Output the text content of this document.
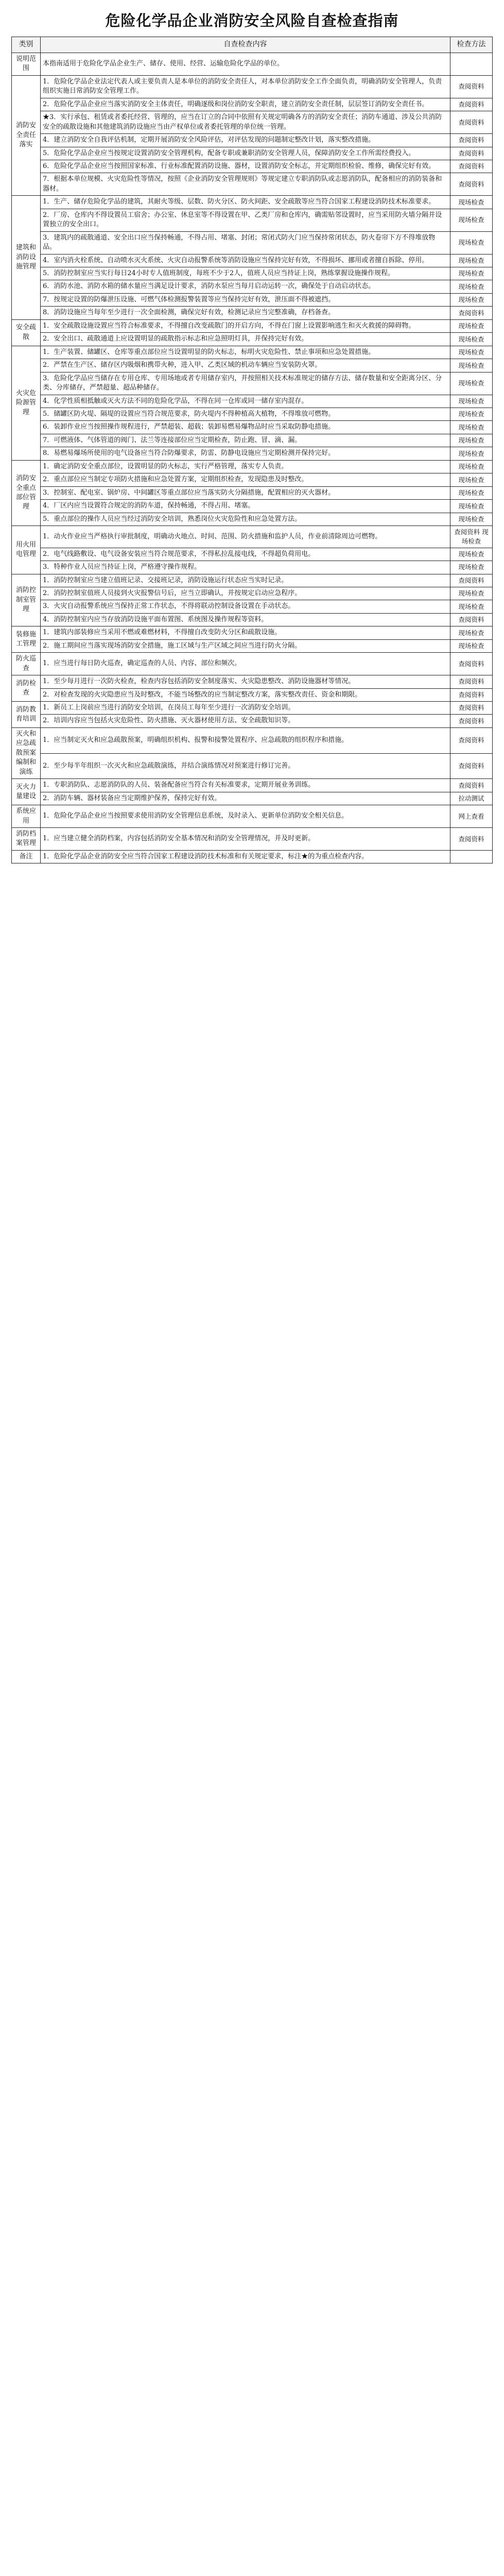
危险化学品企业消防安全风险自查检查指南
类别	自查检查内容	检查方法
说明范围	本指南适用于危险化学品企业生产、储存、使用、经营、运输危险化学品的单位。	
消防安全责任落实	1．危险化学品企业法定代表人或主要负责人是本单位的消防安全责任人，对本单位消防安全工作全面负责，明确消防安全管理人，负责组织实施日常消防安全管理工作。	查阅资料
	2．危险化学品企业应当落实消防安全主体责任，明确逐级和岗位消防安全职责，建立消防安全责任制，层层签订消防安全责任书。	查阅资料
	★3．实行承包、租赁或者委托经营、管理的，应当在订立的合同中依照有关规定明确各方的消防安全责任；消防车通道、涉及公共消防安全的疏散设施和其他建筑消防设施应当由产权单位或者委托管理的单位统一管理。	查阅资料
	4．建立消防安全自我评估机制，定期开展消防安全风险评估，对评估发现的问题制定整改计划，落实整改措施。	查阅资料
	5．危险化学品企业应当按规定设置消防安全管理机构，配备专职或兼职消防安全管理人员，保障消防安全工作所需经费投入。	查阅资料
	6．危险化学品企业应当按照国家标准、行业标准配置消防设施、器材，设置消防安全标志，并定期组织检验、维修，确保完好有效。	查阅资料
	7．根据本单位规模、火灾危险性等情况，按照《企业消防安全管理规则》等规定建立专职消防队或志愿消防队，配备相应的消防装备和器材。	查阅资料
建筑和消防设施管理	1．生产、储存危险化学品的建筑，其耐火等级、层数、防火分区、防火间距、安全疏散等应当符合国家工程建设消防技术标准要求。	现场检查
	2．厂房、仓库内不得设置员工宿舍；办公室、休息室等不得设置在甲、乙类厂房和仓库内，确需贴邻设置时，应当采用防火墙分隔并设置独立的安全出口。	现场检查
	3．建筑内的疏散通道、安全出口应当保持畅通，不得占用、堵塞、封闭；常闭式防火门应当保持常闭状态，防火卷帘下方不得堆放物品。	现场检查
	4．室内消火栓系统、自动喷水灭火系统、火灾自动报警系统等消防设施应当保持完好有效，不得损坏、挪用或者擅自拆除、停用。	现场检查
	5．消防控制室应当实行每日24小时专人值班制度，每班不少于2人，值班人员应当持证上岗，熟练掌握设施操作规程。	现场检查
	6．消防水池、消防水箱的储水量应当满足设计要求，消防水泵应当每月启动运转一次，确保处于自动启动状态。	现场检查
	7．按规定设置的防爆泄压设施、可燃气体检测报警装置等应当保持完好有效，泄压面不得被遮挡。	现场检查
	8．消防设施应当每年至少进行一次全面检测，确保完好有效，检测记录应当完整准确，存档备查。	查阅资料
安全疏散	1．安全疏散设施设置应当符合标准要求，不得擅自改变疏散门的开启方向，不得在门窗上设置影响逃生和灭火救援的障碍物。	现场检查
	2．安全出口、疏散通道上应设置明显的疏散指示标志和应急照明灯具，并保持完好有效。	现场检查
火灾危险源管理	1．生产装置、储罐区、仓库等重点部位应当设置明显的防火标志，标明火灾危险性、禁止事项和应急处置措施。	现场检查
	2．严禁在生产区、储存区内吸烟和携带火种，进入甲、乙类区域的机动车辆应当安装防火罩。	现场检查
	3．危险化学品应当储存在专用仓库、专用场地或者专用储存室内，并按照相关技术标准规定的储存方法、储存数量和安全距离分区、分类、分库储存，严禁超量、超品种储存。	现场检查
	4．化学性质相抵触或灭火方法不同的危险化学品，不得在同一仓库或同一储存室内混存。	现场检查
	5．储罐区防火堤、隔堤的设置应当符合规范要求，防火堤内不得种植高大植物，不得堆放可燃物。	现场检查
	6．装卸作业应当按照操作规程进行，严禁超装、超载；装卸易燃易爆物品时应当采取防静电措施。	现场检查
	7．可燃液体、气体管道的阀门、法兰等连接部位应当定期检查，防止跑、冒、滴、漏。	现场检查
	8．易燃易爆场所使用的电气设备应当符合防爆要求，防雷、防静电设施应当定期检测并保持完好。	现场检查
消防安全重点部位管理	1．确定消防安全重点部位，设置明显的防火标志，实行严格管理，落实专人负责。	现场检查
	2．重点部位应当制定专项防火措施和应急处置方案，定期组织检查，发现隐患及时整改。	现场检查
	3．控制室、配电室、锅炉房、中间罐区等重点部位应当落实防火分隔措施，配置相应的灭火器材。	现场检查
	4．厂区内应当设置符合规定的消防车道，保持畅通，不得占用、堵塞。	现场检查
	5．重点部位的操作人员应当经过消防安全培训，熟悉岗位火灾危险性和应急处置方法。	现场检查
用火用电管理	1．动火作业应当严格执行审批制度，明确动火地点、时间、范围、防火措施和监护人员，作业前清除周边可燃物。	查阅资料 现场检查
	2．电气线路敷设、电气设备安装应当符合规范要求，不得私拉乱接电线，不得超负荷用电。	现场检查
	3．特种作业人员应当持证上岗，严格遵守操作规程。	现场检查
消防控制室管理	1．消防控制室应当建立值班记录、交接班记录，消防设施运行状态应当实时记录。	查阅资料
	2．消防控制室值班人员接到火灾报警信号后，应当立即确认，并按规定启动应急程序。	现场检查
	3．火灾自动报警系统应当保持正常工作状态，不得将联动控制设备设置在手动状态。	现场检查
	4．消防控制室内应当存放消防设施平面布置图、系统图及操作规程等资料。	查阅资料
装修施工管理	1．建筑内部装修应当采用不燃或难燃材料，不得擅自改变防火分区和疏散设施。	现场检查
	2．施工期间应当落实现场消防安全措施，施工区域与生产区域之间应当进行防火分隔。	现场检查
防火巡查	1．应当进行每日防火巡查，确定巡查的人员、内容、部位和频次。	查阅资料
消防检查	1．至少每月进行一次防火检查，检查内容包括消防安全制度落实、火灾隐患整改、消防设施器材等情况。	查阅资料
	2．对检查发现的火灾隐患应当及时整改，不能当场整改的应当制定整改方案，落实整改责任、资金和期限。	查阅资料
消防教育培训	1．新员工上岗前应当进行消防安全培训，在岗员工每年至少进行一次消防安全培训。	查阅资料
	2．培训内容应当包括火灾危险性、防火措施、灭火器材使用方法、安全疏散知识等。	查阅资料
灭火和应急疏散预案编制和演练	1．应当制定灭火和应急疏散预案，明确组织机构、报警和接警处置程序、应急疏散的组织程序和措施。	查阅资料
	2．至少每半年组织一次灭火和应急疏散演练，并结合演练情况对预案进行修订完善。	查阅资料
灭火力量建设	1．专职消防队、志愿消防队的人员、装备配备应当符合有关标准要求，定期开展业务训练。	查阅资料
	2．消防车辆、器材装备应当定期维护保养，保持完好有效。	拉动测试
系统应用	1．危险化学品企业应当按照要求使用消防安全管理信息系统，及时录入、更新单位消防安全相关信息。	网上查看
消防档案管理	1．应当建立健全消防档案，内容包括消防安全基本情况和消防安全管理情况，并及时更新。	查阅资料
备注	1．危险化学品企业消防安全应当符合国家工程建设消防技术标准和有关规定要求，标注★的为重点检查内容。	
